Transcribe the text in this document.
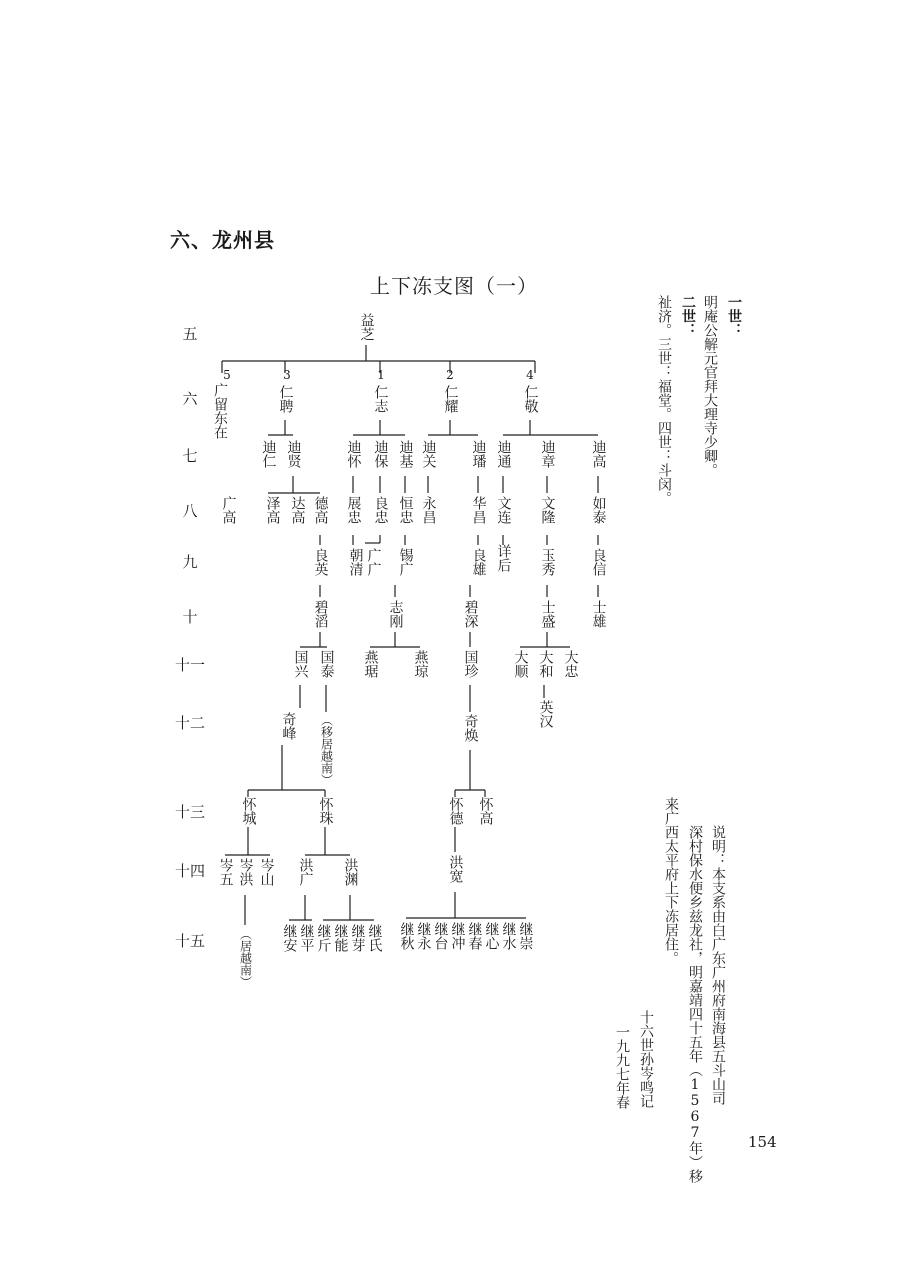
六、龙州县
上下冻支图（一）
五
六
七
八
九
十
十一
十二
十三
十四
十五
益芝
5	3	1	2	4
广留东在	仁聘	仁志	仁耀	仁敬
迪仁 迪贤	迪怀 迪保 迪基 迪关 迪璠 迪通 迪章	迪高
广高 泽高 达高 德高 展忠 良忠 恒忠 永昌 华昌 文连 文隆	如泰
良英 朝清 广广 锡广	良雄 详后 玉秀	良信
碧滔	志刚	碧深	士盛	士雄
国兴 国泰 燕琚 燕琼 国珍 大顺 大和 大忠
英汉
奇峰 （移居越南）	奇焕
怀城	怀珠	怀德 怀高
岑五 岑洪 岑山 洪广 洪渊	洪宽
（居越南） 继安 继平 继斤 继能 继芽 继氏 继秋 继永 继台 继冲 继春 继心 继水 继崇
一世：
明庵公解元官拜大理寺少卿。
二世：
祉济。三世：福堂。四世：斗闵。
说明：本支系由白广东广州府南海县五斗山司
深村保水便乡兹龙社，明嘉靖四十五年（1567年）移
来广西太平府上下冻居住。
十六世孙岑鸣记
一九九七年春
154
